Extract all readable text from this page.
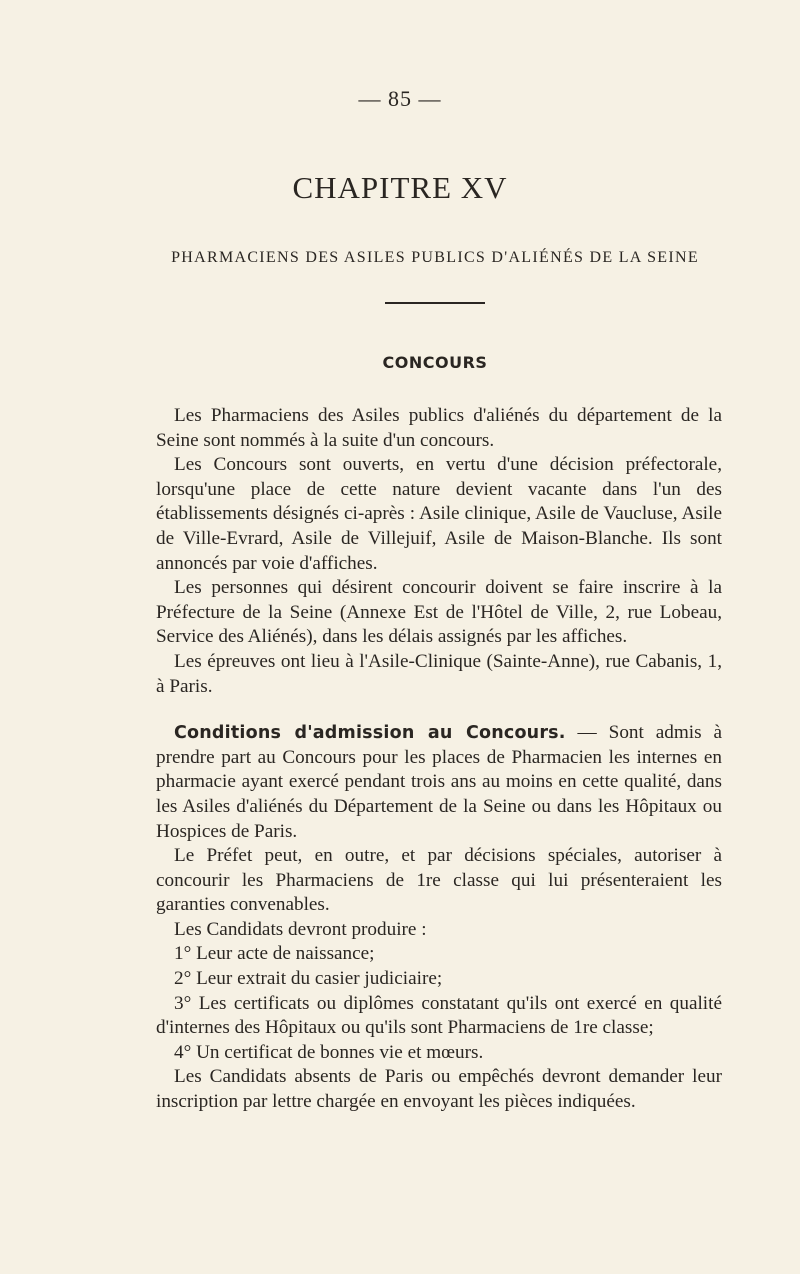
— 85 —
CHAPITRE XV
PHARMACIENS DES ASILES PUBLICS D'ALIÉNÉS DE LA SEINE
CONCOURS

Les Pharmaciens des Asiles publics d'aliénés du département de la Seine sont nommés à la suite d'un concours.

Les Concours sont ouverts, en vertu d'une décision préfectorale, lorsqu'une place de cette nature devient vacante dans l'un des établissements désignés ci-après : Asile clinique, Asile de Vaucluse, Asile de Ville-Evrard, Asile de Villejuif, Asile de Maison-Blanche. Ils sont annoncés par voie d'affiches.

Les personnes qui désirent concourir doivent se faire inscrire à la Préfecture de la Seine (Annexe Est de l'Hôtel de Ville, 2, rue Lobeau, Service des Aliénés), dans les délais assignés par les affiches.

Les épreuves ont lieu à l'Asile-Clinique (Sainte-Anne), rue Cabanis, 1, à Paris.

Conditions d'admission au Concours. — Sont admis à prendre part au Concours pour les places de Pharmacien les internes en pharmacie ayant exercé pendant trois ans au moins en cette qualité, dans les Asiles d'aliénés du Département de la Seine ou dans les Hôpitaux ou Hospices de Paris.

Le Préfet peut, en outre, et par décisions spéciales, autoriser à concourir les Pharmaciens de 1re classe qui lui présenteraient les garanties convenables.

Les Candidats devront produire :

1° Leur acte de naissance;

2° Leur extrait du casier judiciaire;

3° Les certificats ou diplômes constatant qu'ils ont exercé en qualité d'internes des Hôpitaux ou qu'ils sont Pharmaciens de 1re classe;

4° Un certificat de bonnes vie et mœurs.

Les Candidats absents de Paris ou empêchés devront demander leur inscription par lettre chargée en envoyant les pièces indiquées.
